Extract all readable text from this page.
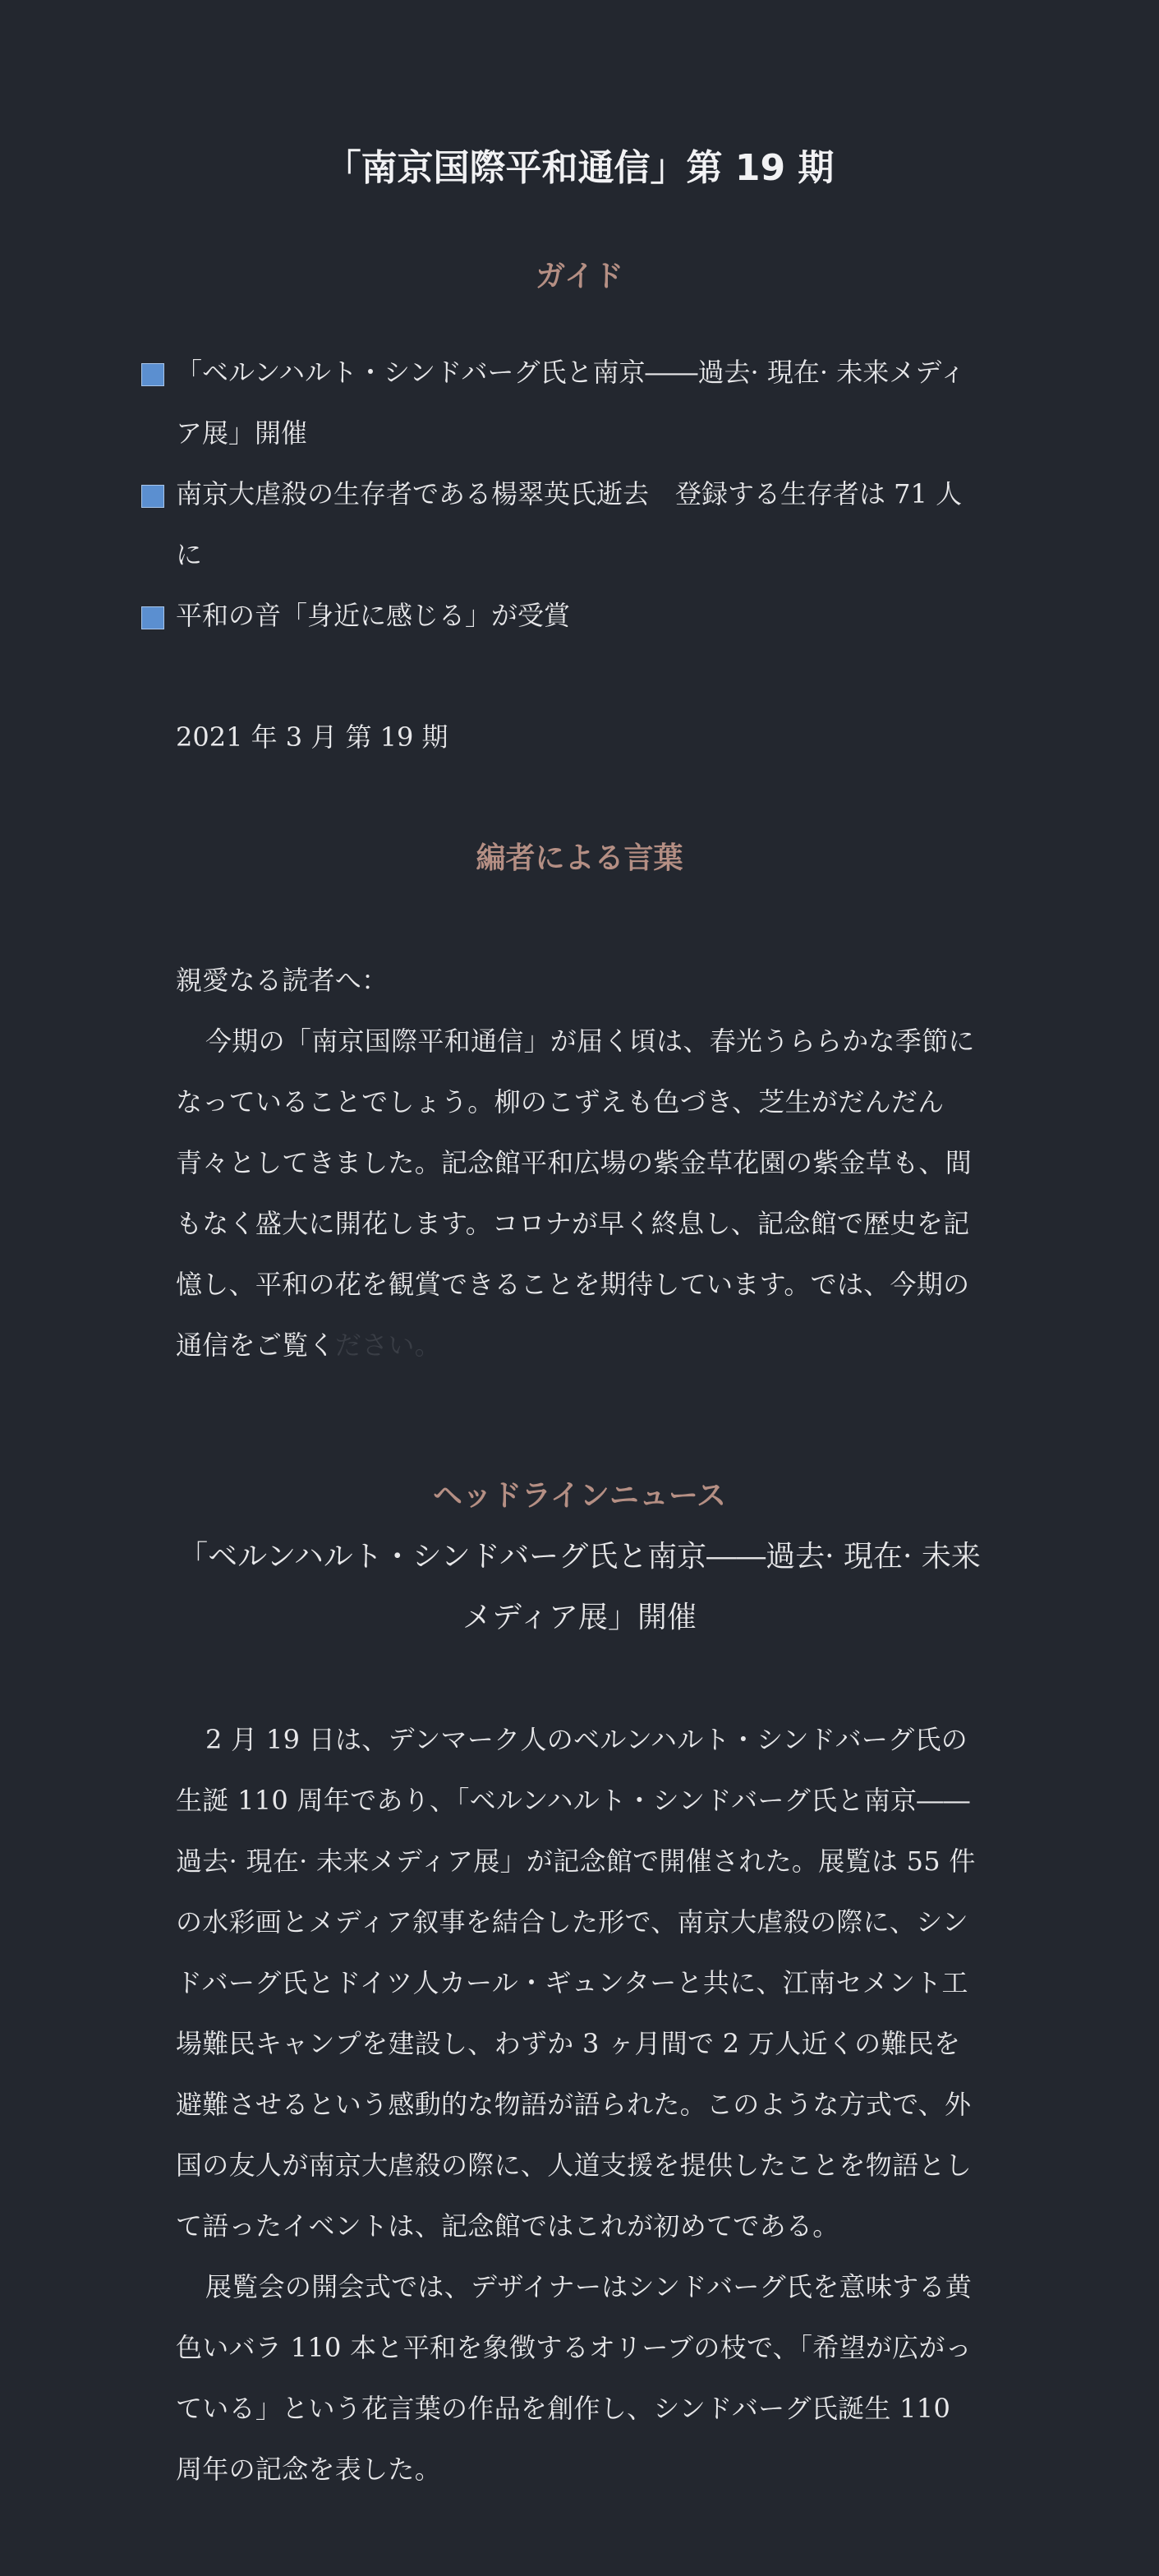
「南京国際平和通信」第 19 期
ガイド
「ベルンハルト・シンドバーグ氏と南京――過去· 現在· 未来メディア展」開催
南京大虐殺の生存者である楊翠英氏逝去　登録する生存者は 71 人に
平和の音「身近に感じる」が受賞
2021 年 3 月 第 19 期
編者による言葉
親愛なる読者へ：

今期の「南京国際平和通信」が届く頃は、春光うららかな季節になっていることでしょう。柳のこずえも色づき、芝生がだんだん青々としてきました。記念館平和広場の紫金草花園の紫金草も、間もなく盛大に開花します。コロナが早く終息し、記念館で歴史を記憶し、平和の花を観賞できることを期待しています。では、今期の通信をご覧ください。

ヘッドラインニュース
「ベルンハルト・シンドバーグ氏と南京――過去· 現在· 未来メディア展」開催

2 月 19 日は、デンマーク人のベルンハルト・シンドバーグ氏の生誕 110 周年であり、「ベルンハルト・シンドバーグ氏と南京――過去· 現在· 未来メディア展」が記念館で開催された。展覧は 55 件の水彩画とメディア叙事を結合した形で、南京大虐殺の際に、シンドバーグ氏とドイツ人カール・ギュンターと共に、江南セメント工場難民キャンプを建設し、わずか 3 ヶ月間で 2 万人近くの難民を避難させるという感動的な物語が語られた。このような方式で、外国の友人が南京大虐殺の際に、人道支援を提供したことを物語として語ったイベントは、記念館ではこれが初めてである。

展覧会の開会式では、デザイナーはシンドバーグ氏を意味する黄色いバラ 110 本と平和を象徴するオリーブの枝で、「希望が広がっている」という花言葉の作品を創作し、シンドバーグ氏誕生 110 周年の記念を表した。
